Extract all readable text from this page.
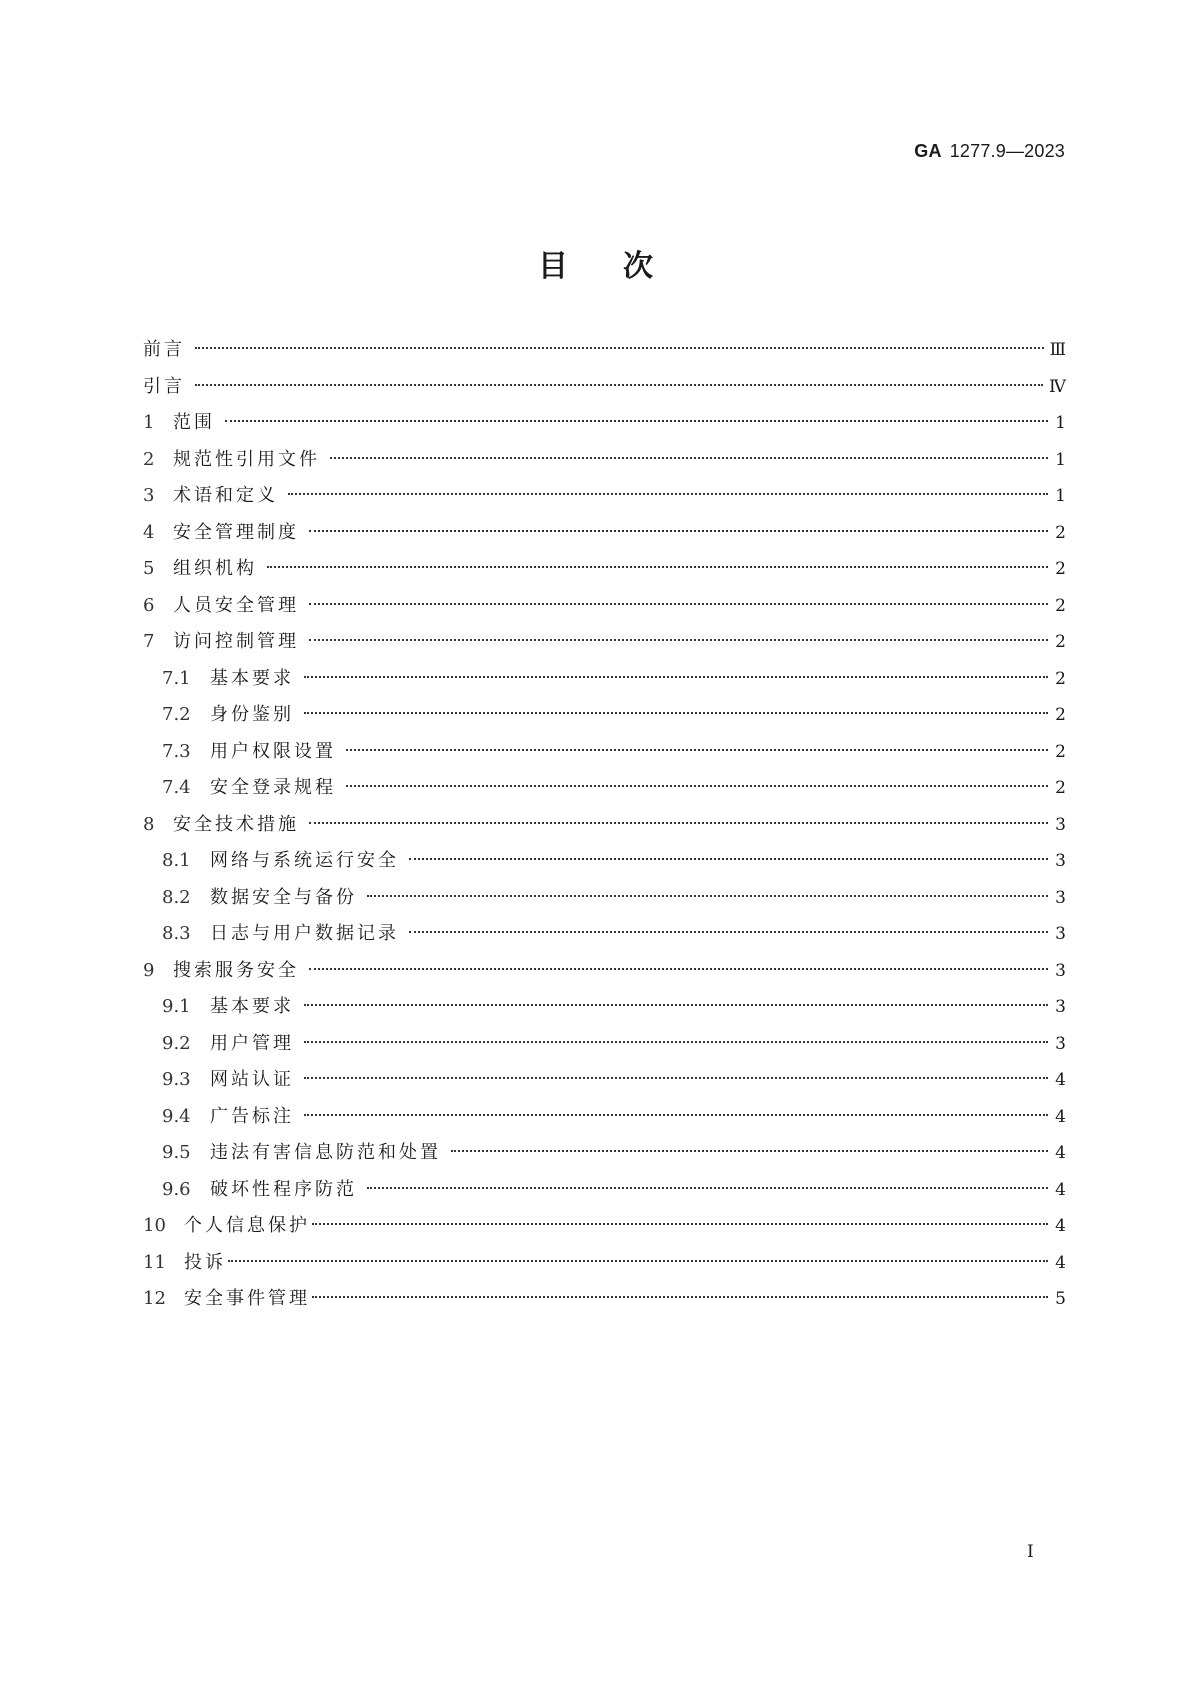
GA 1277.9—2023
目次
前言	Ⅲ
引言	Ⅳ
1	范围	1
2	规范性引用文件	1
3	术语和定义	1
4	安全管理制度	2
5	组织机构	2
6	人员安全管理	2
7	访问控制管理	2
7.1	基本要求	2
7.2	身份鉴别	2
7.3	用户权限设置	2
7.4	安全登录规程	2
8	安全技术措施	3
8.1	网络与系统运行安全	3
8.2	数据安全与备份	3
8.3	日志与用户数据记录	3
9	搜索服务安全	3
9.1	基本要求	3
9.2	用户管理	3
9.3	网站认证	4
9.4	广告标注	4
9.5	违法有害信息防范和处置	4
9.6	破坏性程序防范	4
10	个人信息保护	4
11	投诉	4
12	安全事件管理	5
I
